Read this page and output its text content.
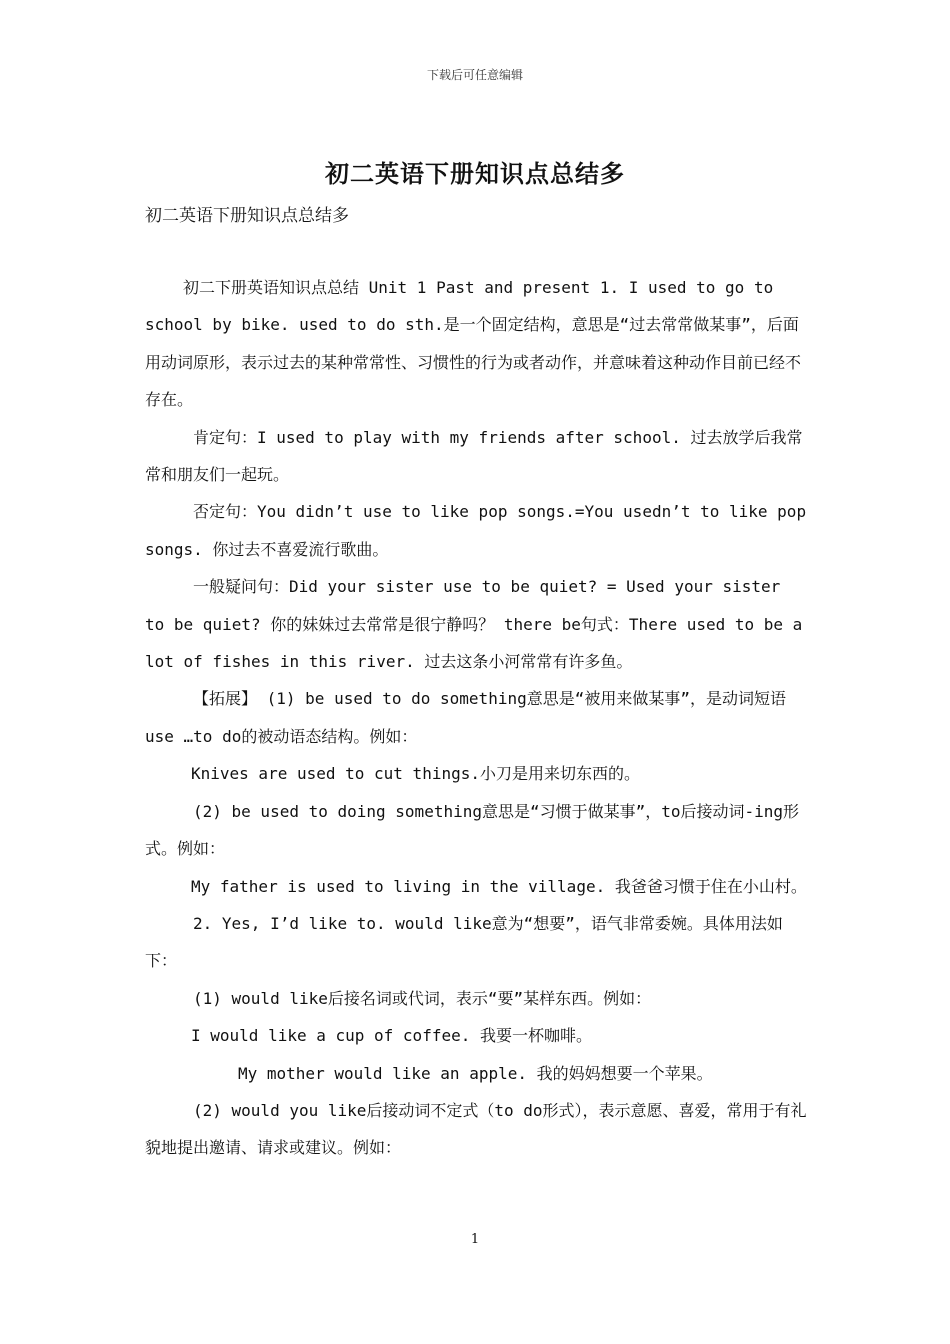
下载后可任意编辑
初二英语下册知识点总结多
初二英语下册知识点总结多

初二下册英语知识点总结 Unit 1 Past and present 1. I used to go to school by bike. used to do sth.是一个固定结构，意思是“过去常常做某事”，后面用动词原形，表示过去的某种常常性、习惯性的行为或者动作，并意味着这种动作目前已经不存在。

肯定句：I used to play with my friends after school. 过去放学后我常常和朋友们一起玩。

否定句：You didn’t use to like pop songs.=You usedn’t to like pop songs. 你过去不喜爱流行歌曲。

一般疑问句：Did your sister use to be quiet? = Used your sister to be quiet? 你的妹妹过去常常是很宁静吗？ there be句式：There used to be a lot of fishes in this river. 过去这条小河常常有许多鱼。

【拓展】 (1) be used to do something意思是“被用来做某事”，是动词短语use …to do的被动语态结构。例如：

Knives are used to cut things.小刀是用来切东西的。

(2) be used to doing something意思是“习惯于做某事”，to后接动词-ing形式。例如：

My father is used to living in the village. 我爸爸习惯于住在小山村。

2. Yes, I’d like to. would like意为“想要”，语气非常委婉。具体用法如下：

(1) would like后接名词或代词，表示“要”某样东西。例如：

I would like a cup of coffee. 我要一杯咖啡。

My mother would like an apple. 我的妈妈想要一个苹果。

(2) would you like后接动词不定式（to do形式），表示意愿、喜爱，常用于有礼貌地提出邀请、请求或建议。例如：

1
